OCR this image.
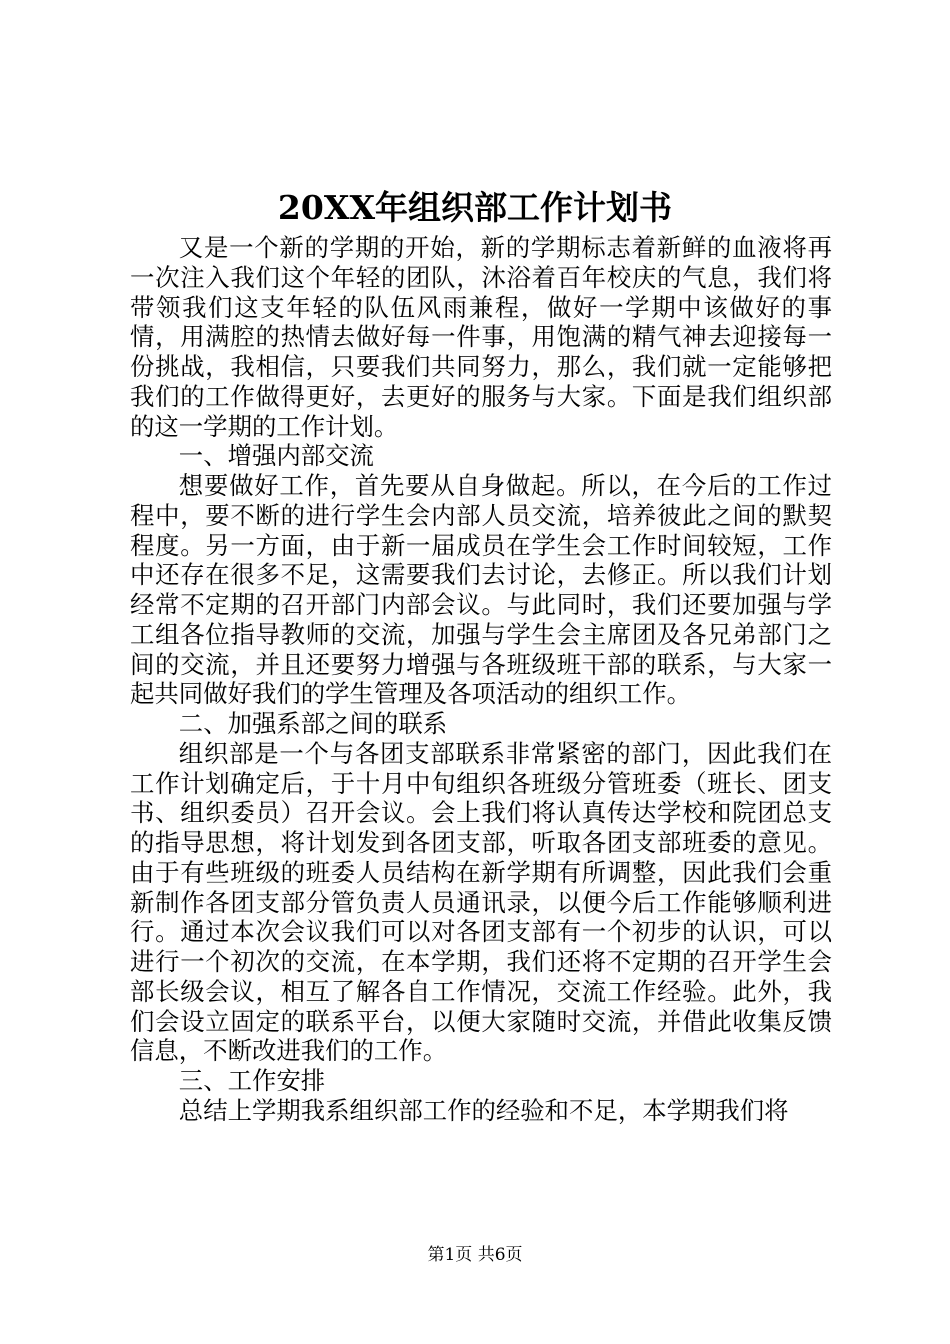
20XX年组织部工作计划书

又是一个新的学期的开始，新的学期标志着新鲜的血液将再一次注入我们这个年轻的团队，沐浴着百年校庆的气息，我们将带领我们这支年轻的队伍风雨兼程，做好一学期中该做好的事情，用满腔的热情去做好每一件事，用饱满的精气神去迎接每一份挑战，我相信，只要我们共同努力，那么，我们就一定能够把我们的工作做得更好，去更好的服务与大家。下面是我们组织部的这一学期的工作计划。

一、增强内部交流

想要做好工作，首先要从自身做起。所以，在今后的工作过程中，要不断的进行学生会内部人员交流，培养彼此之间的默契程度。另一方面，由于新一届成员在学生会工作时间较短，工作中还存在很多不足，这需要我们去讨论，去修正。所以我们计划经常不定期的召开部门内部会议。与此同时，我们还要加强与学工组各位指导教师的交流，加强与学生会主席团及各兄弟部门之间的交流，并且还要努力增强与各班级班干部的联系，与大家一起共同做好我们的学生管理及各项活动的组织工作。

二、加强系部之间的联系

组织部是一个与各团支部联系非常紧密的部门，因此我们在工作计划确定后，于十月中旬组织各班级分管班委（班长、团支书、组织委员）召开会议。会上我们将认真传达学校和院团总支的指导思想，将计划发到各团支部，听取各团支部班委的意见。由于有些班级的班委人员结构在新学期有所调整，因此我们会重新制作各团支部分管负责人员通讯录，以便今后工作能够顺利进行。通过本次会议我们可以对各团支部有一个初步的认识，可以进行一个初次的交流，在本学期，我们还将不定期的召开学生会部长级会议，相互了解各自工作情况，交流工作经验。此外，我们会设立固定的联系平台，以便大家随时交流，并借此收集反馈信息，不断改进我们的工作。

三、工作安排

总结上学期我系组织部工作的经验和不足，本学期我们将

第1页 共6页
